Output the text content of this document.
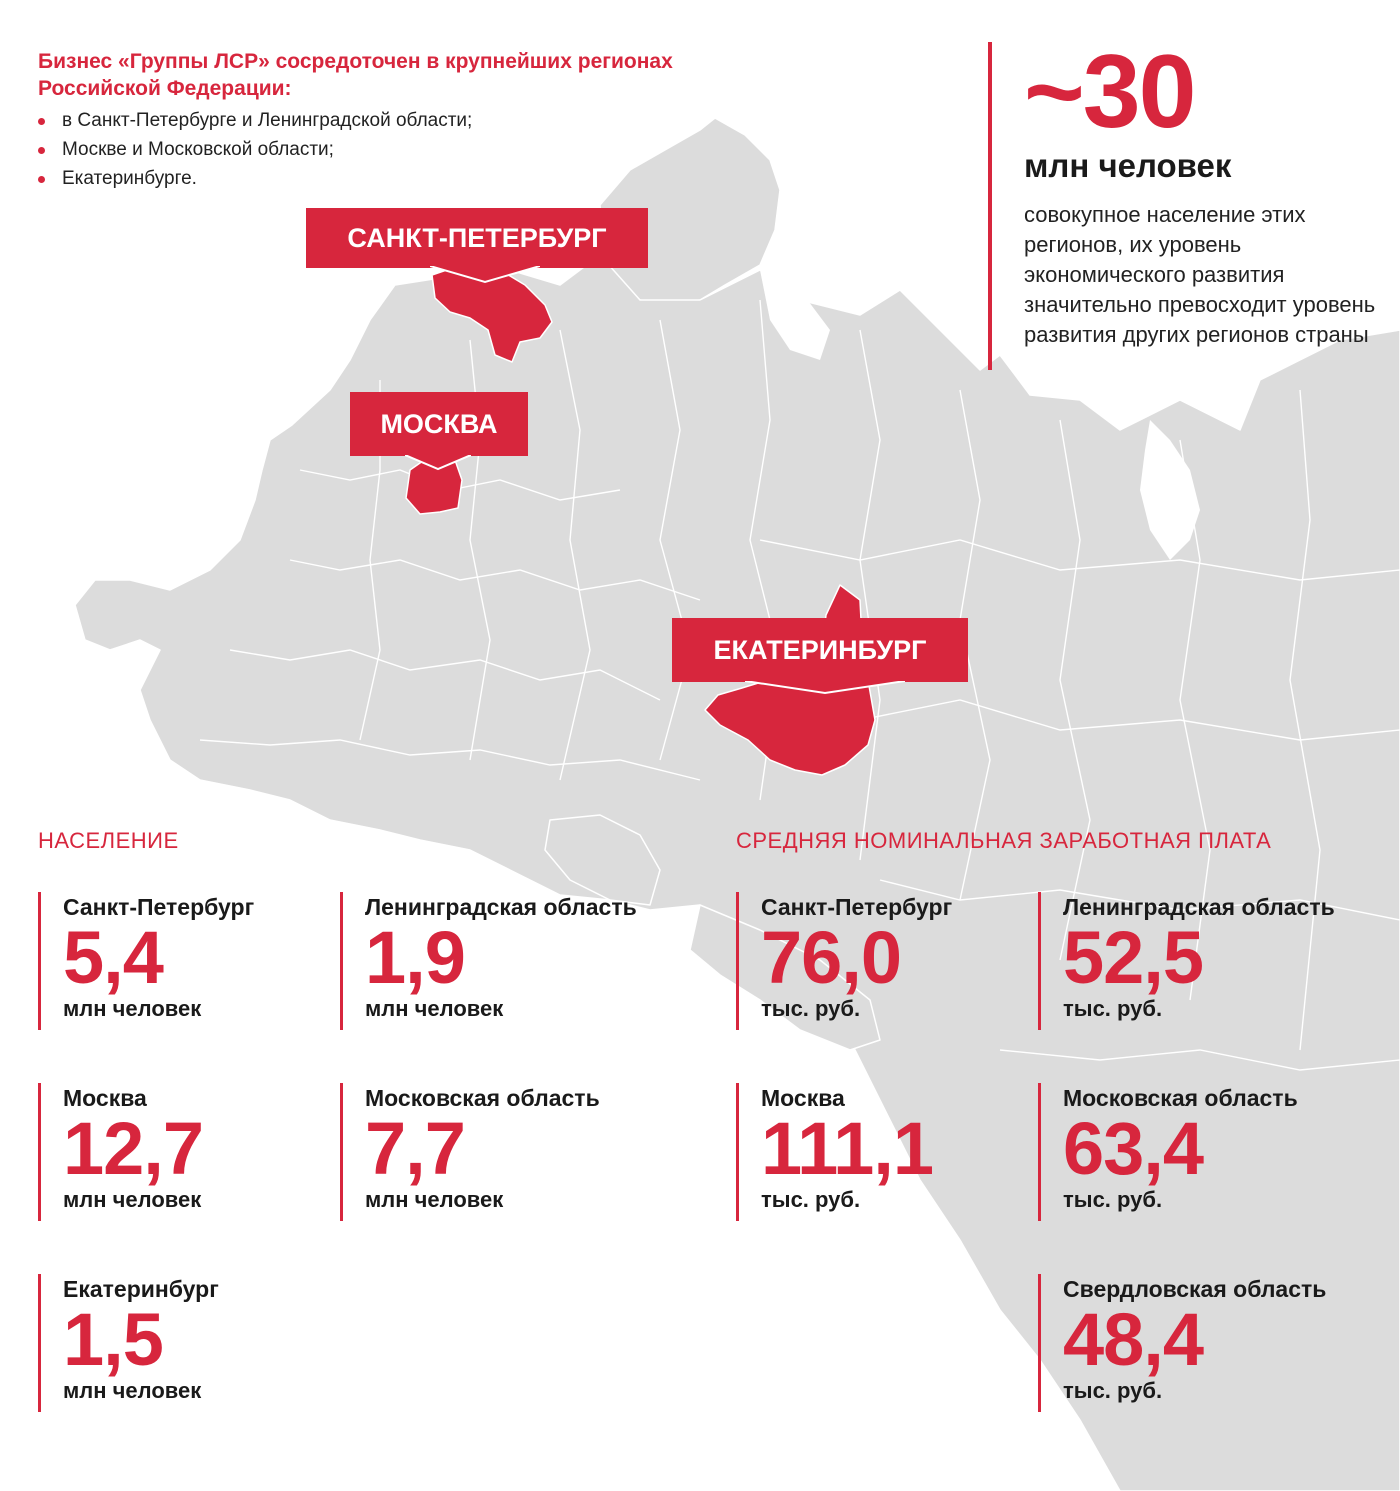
Бизнес «Группы ЛСР» сосредоточен в крупнейших регионах Российской Федерации:

в Санкт-Петербурге и Ленинградской области;
Москве и Московской области;
Екатеринбурге.
~30
млн человек
совокупное население этих регионов, их уровень экономического развития значительно превосходит уровень развития других регионов страны
САНКТ-ПЕТЕРБУРГ
МОСКВА
ЕКАТЕРИНБУРГ
НАСЕЛЕНИЕ
Санкт-Петербург
5,4
млн человек
Ленинградская область
1,9
млн человек
Москва
12,7
млн человек
Московская область
7,7
млн человек
Екатеринбург
1,5
млн человек
СРЕДНЯЯ НОМИНАЛЬНАЯ ЗАРАБОТНАЯ ПЛАТА
Санкт-Петербург
76,0
тыс. руб.
Ленинградская область
52,5
тыс. руб.
Москва
111,1
тыс. руб.
Московская область
63,4
тыс. руб.
Свердловская область
48,4
тыс. руб.
